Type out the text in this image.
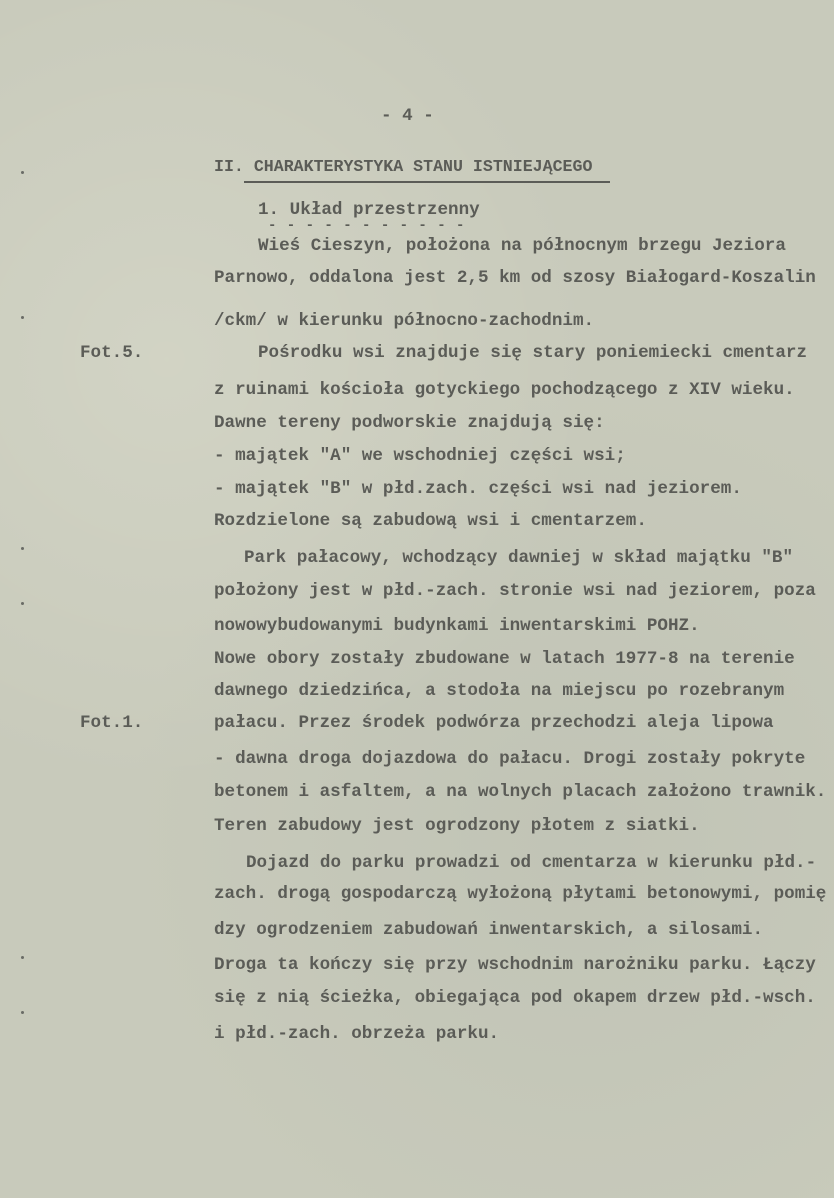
- 4 -
II. CHARAKTERYSTYKA STANU ISTNIEJĄCEGO
1. Układ przestrzenny
- - - - - - - - - - -
Fot.5.
Fot.1.
Wieś Cieszyn, położona na północnym brzegu Jeziora
Parnowo, oddalona jest 2,5 km od szosy Białogard-Koszalin
/ckm/ w kierunku północno-zachodnim.
Pośrodku wsi znajduje się stary poniemiecki cmentarz
z ruinami kościoła gotyckiego pochodzącego z XIV wieku.
Dawne tereny podworskie znajdują się:
- majątek "A" we wschodniej części wsi;
- majątek "B" w płd.zach. części wsi nad jeziorem.
Rozdzielone są zabudową wsi i cmentarzem.
Park pałacowy, wchodzący dawniej w skład majątku "B"
położony jest w płd.-zach. stronie wsi nad jeziorem, poza
nowowybudowanymi budynkami inwentarskimi POHZ.
Nowe obory zostały zbudowane w latach 1977-8 na terenie
dawnego dziedzińca, a stodoła na miejscu po rozebranym
pałacu. Przez środek podwórza przechodzi aleja lipowa
- dawna droga dojazdowa do pałacu. Drogi zostały pokryte
betonem i asfaltem, a na wolnych placach założono trawnik.
Teren zabudowy jest ogrodzony płotem z siatki.
Dojazd do parku prowadzi od cmentarza w kierunku płd.-
zach. drogą gospodarczą wyłożoną płytami betonowymi, pomię
dzy ogrodzeniem zabudowań inwentarskich, a silosami.
Droga ta kończy się przy wschodnim narożniku parku. Łączy
się z nią ścieżka, obiegająca pod okapem drzew płd.-wsch.
i płd.-zach. obrzeża parku.
